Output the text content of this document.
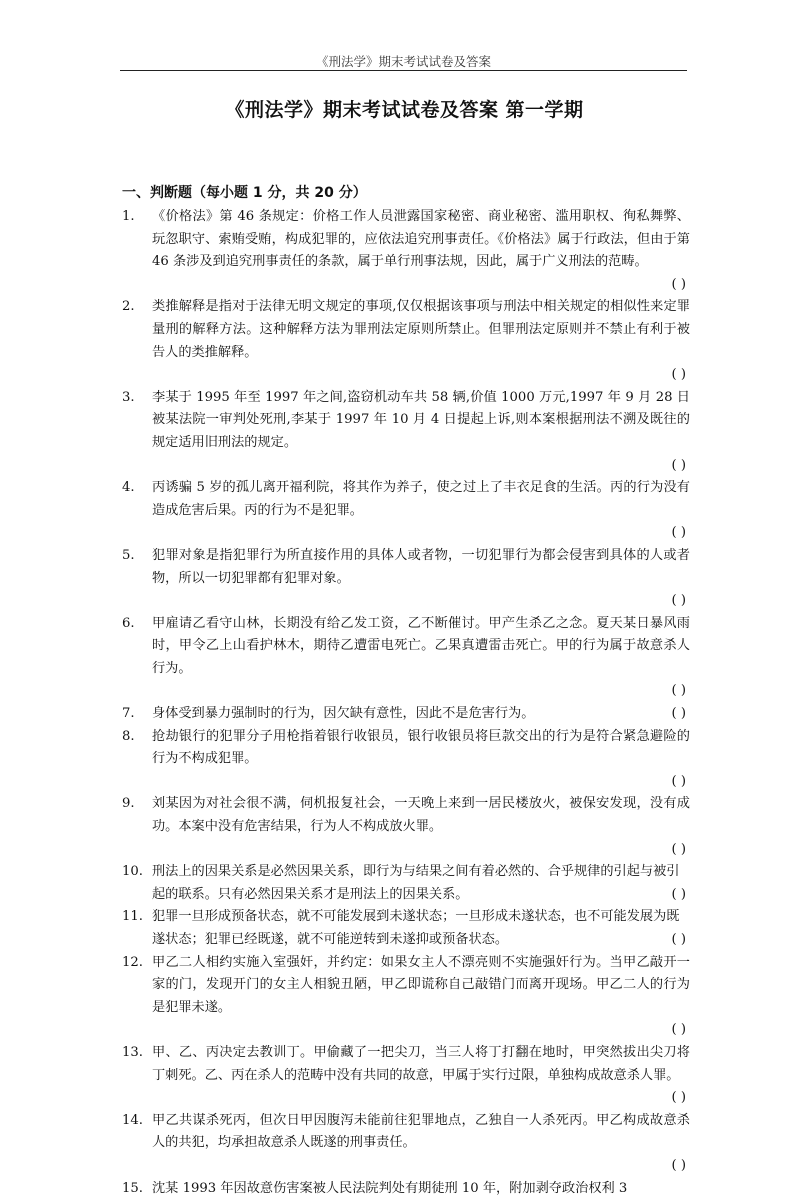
《刑法学》期末考试试卷及答案
《刑法学》期末考试试卷及答案 第一学期
一、判断题（每小题 1 分，共 20 分）
1.	《价格法》第 46 条规定：价格工作人员泄露国家秘密、商业秘密、滥用职权、徇私舞弊、玩忽职守、索贿受贿，构成犯罪的，应依法追究刑事责任。《价格法》属于行政法，但由于第 46 条涉及到追究刑事责任的条款，属于单行刑事法规，因此，属于广义刑法的范畴。
( )
2.	类推解释是指对于法律无明文规定的事项,仅仅根据该事项与刑法中相关规定的相似性来定罪量刑的解释方法。这种解释方法为罪刑法定原则所禁止。但罪刑法定原则并不禁止有利于被告人的类推解释。
( )
3.	李某于 1995 年至 1997 年之间,盗窃机动车共 58 辆,价值 1000 万元,1997 年 9 月 28 日被某法院一审判处死刑,李某于 1997 年 10 月 4 日提起上诉,则本案根据刑法不溯及既往的规定适用旧刑法的规定。
( )
4.	丙诱骗 5 岁的孤儿离开福利院，将其作为养子，使之过上了丰衣足食的生活。丙的行为没有造成危害后果。丙的行为不是犯罪。
( )
5.	犯罪对象是指犯罪行为所直接作用的具体人或者物，一切犯罪行为都会侵害到具体的人或者物，所以一切犯罪都有犯罪对象。
( )
6.	甲雇请乙看守山林，长期没有给乙发工资，乙不断催讨。甲产生杀乙之念。夏天某日暴风雨时，甲令乙上山看护林木，期待乙遭雷电死亡。乙果真遭雷击死亡。甲的行为属于故意杀人行为。
( )
7.	身体受到暴力强制时的行为，因欠缺有意性，因此不是危害行为。	( )
8.	抢劫银行的犯罪分子用枪指着银行收银员，银行收银员将巨款交出的行为是符合紧急避险的行为不构成犯罪。
( )
9.	刘某因为对社会很不满，伺机报复社会，一天晚上来到一居民楼放火，被保安发现，没有成功。本案中没有危害结果，行为人不构成放火罪。
( )
10. 刑法上的因果关系是必然因果关系，即行为与结果之间有着必然的、合乎规律的引起与被引起的联系。只有必然因果关系才是刑法上的因果关系。	( )
11. 犯罪一旦形成预备状态，就不可能发展到未遂状态；一旦形成未遂状态，也不可能发展为既遂状态；犯罪已经既遂，就不可能逆转到未遂抑或预备状态。	( )
12. 甲乙二人相约实施入室强奸，并约定：如果女主人不漂亮则不实施强奸行为。当甲乙敲开一家的门，发现开门的女主人相貌丑陋，甲乙即谎称自己敲错门而离开现场。甲乙二人的行为是犯罪未遂。
( )
13. 甲、乙、丙决定去教训丁。甲偷藏了一把尖刀，当三人将丁打翻在地时，甲突然拔出尖刀将丁刺死。乙、丙在杀人的范畴中没有共同的故意，甲属于实行过限，单独构成故意杀人罪。
( )
14. 甲乙共谋杀死丙，但次日甲因腹泻未能前往犯罪地点，乙独自一人杀死丙。甲乙构成故意杀人的共犯，均承担故意杀人既遂的刑事责任。
( )
15. 沈某 1993 年因故意伤害案被人民法院判处有期徒刑 10 年，附加剥夺政治权利 3
